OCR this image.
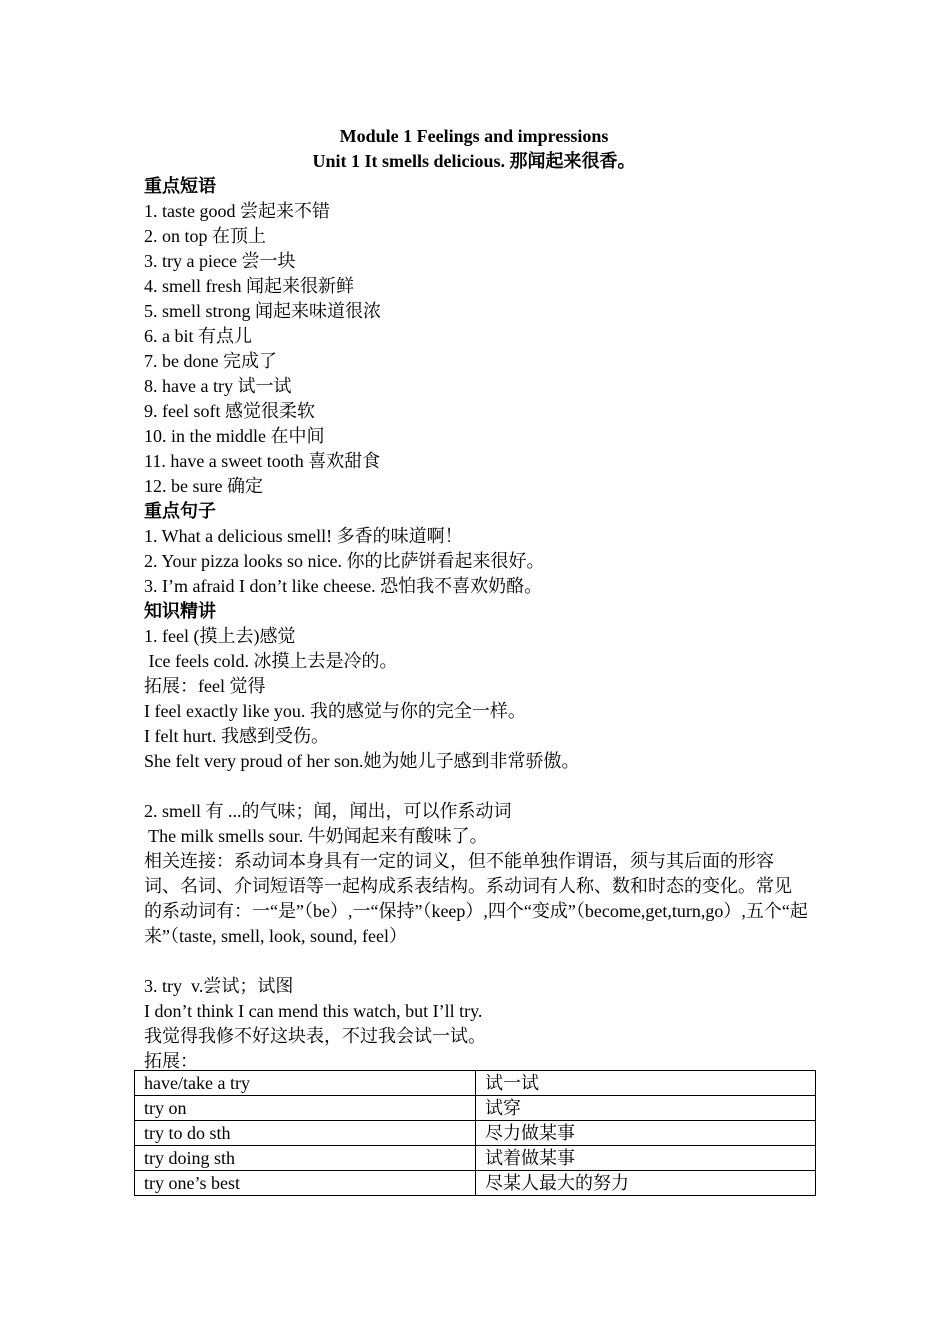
Module 1 Feelings and impressions
Unit 1 It smells delicious. 那闻起来很香。
重点短语
1. taste good 尝起来不错
2. on top 在顶上
3. try a piece 尝一块
4. smell fresh 闻起来很新鲜
5. smell strong 闻起来味道很浓
6. a bit 有点儿
7. be done 完成了
8. have a try 试一试
9. feel soft 感觉很柔软
10. in the middle 在中间
11. have a sweet tooth 喜欢甜食
12. be sure 确定
重点句子
1. What a delicious smell! 多香的味道啊！
2. Your pizza looks so nice. 你的比萨饼看起来很好。
3. I’m afraid I don’t like cheese. 恐怕我不喜欢奶酪。
知识精讲
1. feel (摸上去)感觉
Ice feels cold. 冰摸上去是冷的。
拓展：feel 觉得
I feel exactly like you. 我的感觉与你的完全一样。
I felt hurt. 我感到受伤。
She felt very proud of her son.她为她儿子感到非常骄傲。
2. smell 有 ...的气味；闻，闻出，可以作系动词
The milk smells sour. 牛奶闻起来有酸味了。
相关连接：系动词本身具有一定的词义，但不能单独作谓语，须与其后面的形容词、名词、介词短语等一起构成系表结构。系动词有人称、数和时态的变化。常见的系动词有：一“是”（be）,一“保持”（keep）,四个“变成”（become,get,turn,go）,五个“起来”（taste, smell, look, sound, feel）
3. try  v.尝试；试图
I don’t think I can mend this watch, but I’ll try.
我觉得我修不好这块表，不过我会试一试。
拓展：
have/take a try	试一试
try on	试穿
try to do sth	尽力做某事
try doing sth	试着做某事
try one’s best	尽某人最大的努力
